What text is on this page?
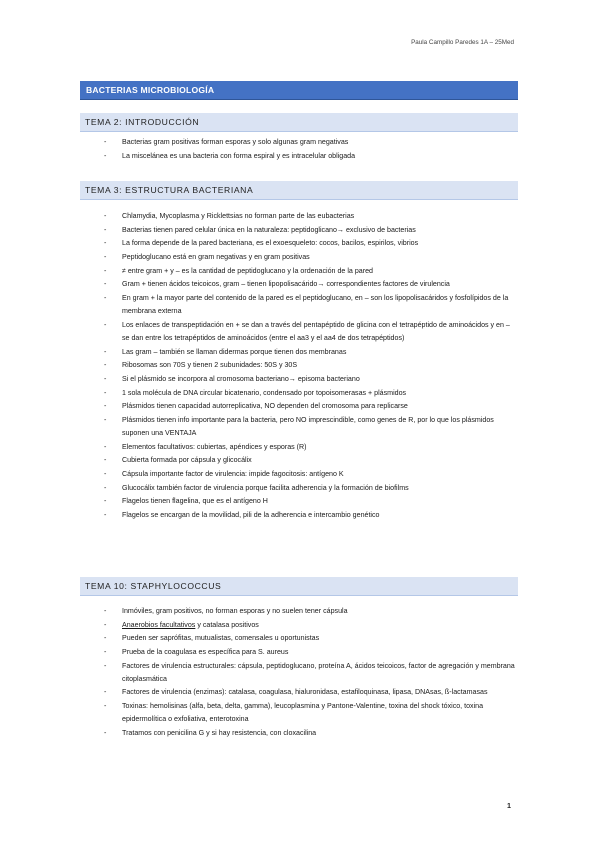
Paula Campillo Paredes 1A – 25Med
BACTERIAS MICROBIOLOGÍA
TEMA 2: INTRODUCCIÓN
- Bacterias gram positivas forman esporas y solo algunas gram negativas
- La miscelánea es una bacteria con forma espiral y es intracelular obligada
TEMA 3: ESTRUCTURA BACTERIANA
- Chlamydia, Mycoplasma y Ricklettsias no forman parte de las eubacterias
- Bacterias tienen pared celular única en la naturaleza: peptidoglicano→ exclusivo de bacterias
- La forma depende de la pared bacteriana, es el exoesqueleto: cocos, bacilos, espirilos, vibrios
- Peptidoglucano está en gram negativas y en gram positivas
- ≠ entre gram + y – es la cantidad de peptidoglucano y la ordenación de la pared
- Gram + tienen ácidos teicoicos, gram – tienen lipopolisacárido→ correspondientes factores de virulencia
- En gram + la mayor parte del contenido de la pared es el peptidoglucano, en – son los lipopolisacáridos y fosfolípidos de la membrana externa
- Los enlaces de transpeptidación en + se dan a través del pentapéptido de glicina con el tetrapéptido de aminoácidos y en – se dan entre los tetrapéptidos de aminoácidos (entre el aa3 y el aa4 de dos tetrapéptidos)
- Las gram – también se llaman didermas porque tienen dos membranas
- Ribosomas son 70S y tienen 2 subunidades: 50S y 30S
- Si el plásmido se incorpora al cromosoma bacteriano→ episoma bacteriano
- 1 sola molécula de DNA circular bicatenario, condensado por topoisomerasas + plásmidos
- Plásmidos tienen capacidad autorreplicativa, NO dependen del cromosoma para replicarse
- Plásmidos tienen info importante para la bacteria, pero NO imprescindible, como genes de R, por lo que los plásmidos suponen una VENTAJA
- Elementos facultativos: cubiertas, apéndices y esporas (R)
- Cubierta formada por cápsula y glicocálix
- Cápsula importante factor de virulencia: impide fagocitosis: antígeno K
- Glucocálix también factor de virulencia porque facilita adherencia y la formación de biofilms
- Flagelos tienen flagelina, que es el antígeno H
- Flagelos se encargan de la movilidad, pili de la adherencia e intercambio genético
TEMA 10: STAPHYLOCOCCUS
- Inmóviles, gram positivos, no forman esporas y no suelen tener cápsula
- Anaerobios facultativos y catalasa positivos
- Pueden ser saprófitas, mutualistas, comensales u oportunistas
- Prueba de la coagulasa es específica para S. aureus
- Factores de virulencia estructurales: cápsula, peptidoglucano, proteína A, ácidos teicoicos, factor de agregación y membrana citoplasmática
- Factores de virulencia (enzimas): catalasa, coagulasa, hialuronidasa, estafiloquinasa, lipasa, DNAsas, ß-lactamasas
- Toxinas: hemolisinas (alfa, beta, delta, gamma), leucoplasmina y Pantone-Valentine, toxina del shock tóxico, toxina epidermolítica o exfoliativa, enterotoxina
- Tratamos con penicilina G y si hay resistencia, con cloxacilina
1
